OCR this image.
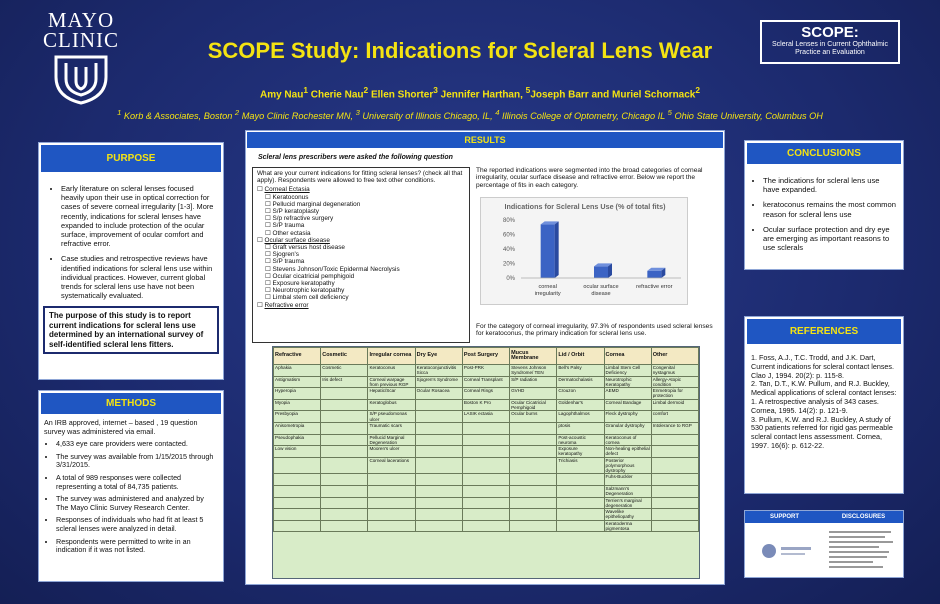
MAYO
CLINIC	SCOPE Study: Indications for Scleral Lens Wear
SCOPE:
Scleral Lenses in Current Ophthalmic Practice an Evaluation
Amy Nau$^1$ Cherie Nau$^2$ Ellen Shorter$^3$ Jennifer Harthan, $^5$Joseph Barr and Muriel Schornack$^2$
$^1$ Korb & Associates, Boston $^2$ Mayo Clinic Rochester MN, $^3$ University of Illinois Chicago, IL, $^4$ Illinois College of Optometry, Chicago IL $^5$ Ohio State University, Columbus OH
PURPOSE
• Early literature on scleral lenses focused heavily upon their use in optical correction for cases of severe corneal irregularity [1-3]. More recently, indications for scleral lenses have expanded to include protection of the ocular surface, improvement of ocular comfort and refractive error.
• Case studies and retrospective reviews have identified indications for scleral lens use within individual practices. However, current global trends for scleral lens use have not been systematically evaluated.
The purpose of this study is to report current indications for scleral lens use determined by an international survey of self-identified scleral lens fitters.
METHODS
An IRB approved, internet – based , 19 question survey was administered via email.
• 4,633 eye care providers were contacted.
• The survey was available from 1/15/2015 through 3/31/2015.
• A total of 989 responses were collected representing a total of 84,735 patients.
• The survey was administered and analyzed by The Mayo Clinic Survey Research Center.
• Responses of individuals who had fit at least 5 scleral lenses were analyzed in detail.
• Respondents were permitted to write in an indication if it was not listed.
RESULTS
Scleral lens prescribers were asked the following question
What are your current indications for fitting scleral lenses? (check all that apply). Respondents were allowed to free text other conditions.
☐ Corneal Ectasia
☐ Keratoconus
☐ Pellucid marginal degeneration
☐ S/P keratoplasty
☐ S/p refractive surgery
☐ S/P trauma
☐ Other ectasia
☐ Ocular surface disease
☐ Graft versus host disease
☐ Sjogren's
☐ S/P trauma
☐ Stevens Johnson/Toxic Epidermal Necrolysis
☐ Ocular cicatricial pemphigoid
☐ Exposure keratopathy
☐ Neurotrophic keratopathy
☐ Limbal stem cell deficiency
☐ Refractive error
The reported indications were segmented into the broad categories of corneal irregularity, ocular surface disease and refractive error. Below we report the percentage of fits in each category.
For the category of corneal irregularity, 97.3% of respondents used scleral lenses for keratoconus, the primary indication for scleral lens use.
Indications for Scleral Lens Use (% of total fits)
80%
60%
40%
20%
0%
corneal irregularity
ocular surface disease
refractive error
Refractive	Cosmetic	Irregular cornea	Dry Eye	Post Surgery	Mucus Membrane	Lid / Orbit	Cornea	Other
Aphakia	Cosmetic	Keratoconus	Keratoconjunctivitis Sicca	Post-PRK	Stevens Johnson Syndrome/ TEN	Bell's Palsy	Limbal Stem Cell Deficiency	Congenital nystagmus
Astigmatism	Iris defect	Corneal warpage from previous RGP	Sjogren's Syndrome	Corneal Transplant	S/P radiation	Dermatochalasis	Neurotrophic Keratopathy	Allergy-Atopic condition
Hyperopia		Hepatic/Scar	Ocular Rosacea	Corneal Rings	GVHD	Crouzon	AEMD	Enmetropia for protection
Myopia		Keratoglobus		Boston K Pro	Ocular Cicatricial Pemphigoid	Goldenhar's	Corneal Bandage	Limbal dermoid
Presbyopia		S/P pseudomonas ulcer		LASIK ectasia	Ocular burns	Lagophthalmos	Fleck dystrophy	comfort
Anisometropia		Traumatic scars				ptosis	Granular dystrophy	Intolerance to RGP
Pseudophakia		Pellucid Marginal Degeneration				Post-acoustic neuroma	Keratoconus of cornea	
Low vision		Mooren's ulcer				Exposure keratopathy	Non-healing epithelial defect	
		Corneal lacerations				Trichiasis	Posterior polymorphous dystrophy	
							Fuhs-Buckler	
							Salzmann's Degeneration	
							Terrien's marginal degeneration	
							Wavelike epitheliopathy	
							Keratoderma pigmentosa	
CONCLUSIONS
• The indications for scleral lens use have expanded.
• keratoconus remains the most common reason for scleral lens use
• Ocular surface protection and dry eye are emerging as important reasons to use sclerals
REFERENCES
1. Foss, A.J., T.C. Trodd, and J.K. Dart, Current indications for scleral contact lenses. Clao J, 1994. 20(2): p. 115-8.
2. Tan, D.T., K.W. Pullum, and R.J. Buckley, Medical applications of scleral contact lenses: 1. A retrospective analysis of 343 cases. Cornea, 1995. 14(2): p. 121-9.
3. Pullum, K.W. and R.J. Buckley, A study of 530 patients referred for rigid gas permeable scleral contact lens assessment. Cornea, 1997. 16(6): p. 612-22.
SUPPORT	DISCLOSURES
